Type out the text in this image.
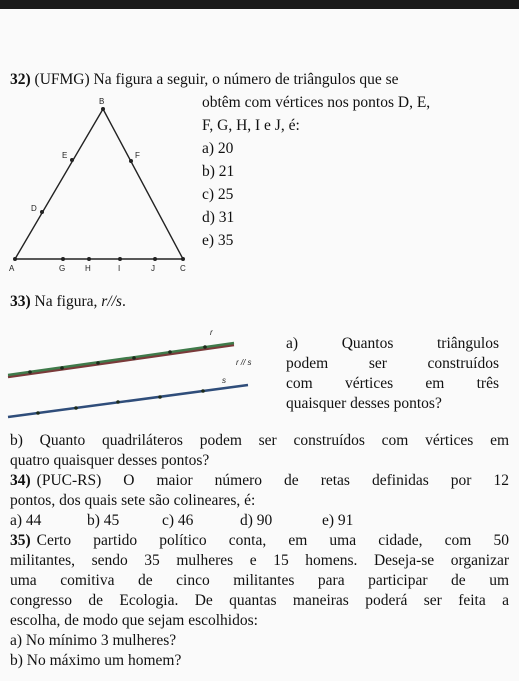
32) (UFMG) Na figura a seguir, o número de triângulos que se
obtêm com vértices nos pontos D, E,
F, G, H, I e J, é:
a) 20
b) 21
c) 25
d) 31
e) 35
A
B
C
D
E	F
G H	I	J
33) Na figura, r//s.
r
r // s
s
a) Quantos triângulos
podem ser construídos
com vértices em três
quaisquer desses pontos?
b) Quanto quadriláteros podem ser construídos com vértices em
quatro quaisquer desses pontos?
34) (PUC-RS) O maior número de retas definidas por 12
pontos, dos quais sete são colineares, é:
a) 44	b) 45	c) 46	d) 90	e) 91
35) Certo partido político conta, em uma cidade, com 50
militantes, sendo 35 mulheres e 15 homens. Deseja-se organizar
uma comitiva de cinco militantes para participar de um
congresso de Ecologia. De quantas maneiras poderá ser feita a
escolha, de modo que sejam escolhidos:
a) No mínimo 3 mulheres?
b) No máximo um homem?
